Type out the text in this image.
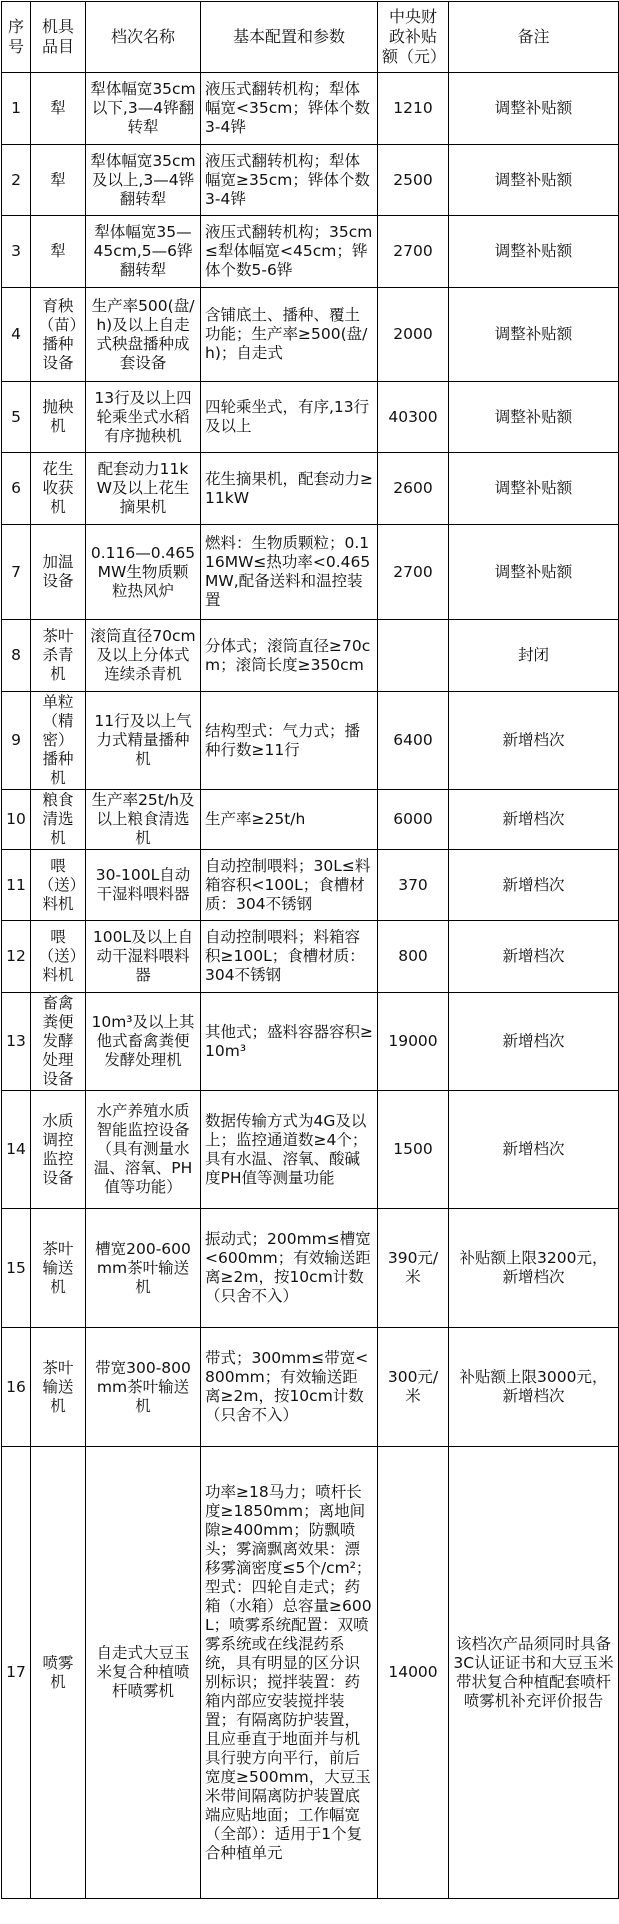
序号	机具品目	档次名称	基本配置和参数	中央财政补贴额（元）	备注
1	犁	犁体幅宽35cm以下,3—4铧翻转犁	液压式翻转机构；犁体幅宽<35cm；铧体个数3-4铧	1210	调整补贴额
2	犁	犁体幅宽35cm及以上,3—4铧翻转犁	液压式翻转机构；犁体幅宽≥35cm；铧体个数3-4铧	2500	调整补贴额
3	犁	犁体幅宽35—45cm,5—6铧翻转犁	液压式翻转机构；35cm≤犁体幅宽<45cm；铧体个数5-6铧	2700	调整补贴额
4	育秧（苗）播种设备	生产率500(盘/h)及以上自走式秧盘播种成套设备	含铺底土、播种、覆土功能；生产率≥500(盘/h)；自走式	2000	调整补贴额
5	抛秧机	13行及以上四轮乘坐式水稻有序抛秧机	四轮乘坐式，有序,13行及以上	40300	调整补贴额
6	花生收获机	配套动力11kW及以上花生摘果机	花生摘果机，配套动力≥11kW	2600	调整补贴额
7	加温设备	0.116—0.465MW生物质颗粒热风炉	燃料：生物质颗粒；0.116MW≤热功率<0.465MW,配备送料和温控装置	2700	调整补贴额
8	茶叶杀青机	滚筒直径70cm及以上分体式连续杀青机	分体式；滚筒直径≥70cm；滚筒长度≥350cm		封闭
9	单粒（精密）播种机	11行及以上气力式精量播种机	结构型式：气力式；播种行数≥11行	6400	新增档次
10	粮食清选机	生产率25t/h及以上粮食清选机	生产率≥25t/h	6000	新增档次
11	喂（送）料机	30-100L自动干湿料喂料器	自动控制喂料；30L≤料箱容积<100L；食槽材质：304不锈钢	370	新增档次
12	喂（送）料机	100L及以上自动干湿料喂料器	自动控制喂料；料箱容积≥100L；食槽材质：304不锈钢	800	新增档次
13	畜禽粪便发酵处理设备	10m³及以上其他式畜禽粪便发酵处理机	其他式；盛料容器容积≥10m³	19000	新增档次
14	水质调控监控设备	水产养殖水质智能监控设备（具有测量水温、溶氧、PH值等功能）	数据传输方式为4G及以上；监控通道数≥4个；具有水温、溶氧、酸碱度PH值等测量功能	1500	新增档次
15	茶叶输送机	槽宽200-600mm茶叶输送机	振动式；200mm≤槽宽<600mm；有效输送距离≥2m，按10cm计数（只舍不入）	390元/米	补贴额上限3200元，新增档次
16	茶叶输送机	带宽300-800mm茶叶输送机	带式；300mm≤带宽<800mm；有效输送距离≥2m，按10cm计数（只舍不入）	300元/米	补贴额上限3000元，新增档次
17	喷雾机	自走式大豆玉米复合种植喷杆喷雾机	功率≥18马力；喷杆长度≥1850mm；离地间隙≥400mm；防飘喷头；雾滴飘离效果：漂移雾滴密度≤5个/cm²；型式：四轮自走式；药箱（水箱）总容量≥600L；喷雾系统配置：双喷雾系统或在线混药系统，具有明显的区分识别标识；搅拌装置：药箱内部应安装搅拌装置；有隔离防护装置，且应垂直于地面并与机具行驶方向平行，前后宽度≥500mm，大豆玉米带间隔离防护装置底端应贴地面；工作幅宽（全部）：适用于1个复合种植单元	14000	该档次产品须同时具备3C认证证书和大豆玉米带状复合种植配套喷杆喷雾机补充评价报告
